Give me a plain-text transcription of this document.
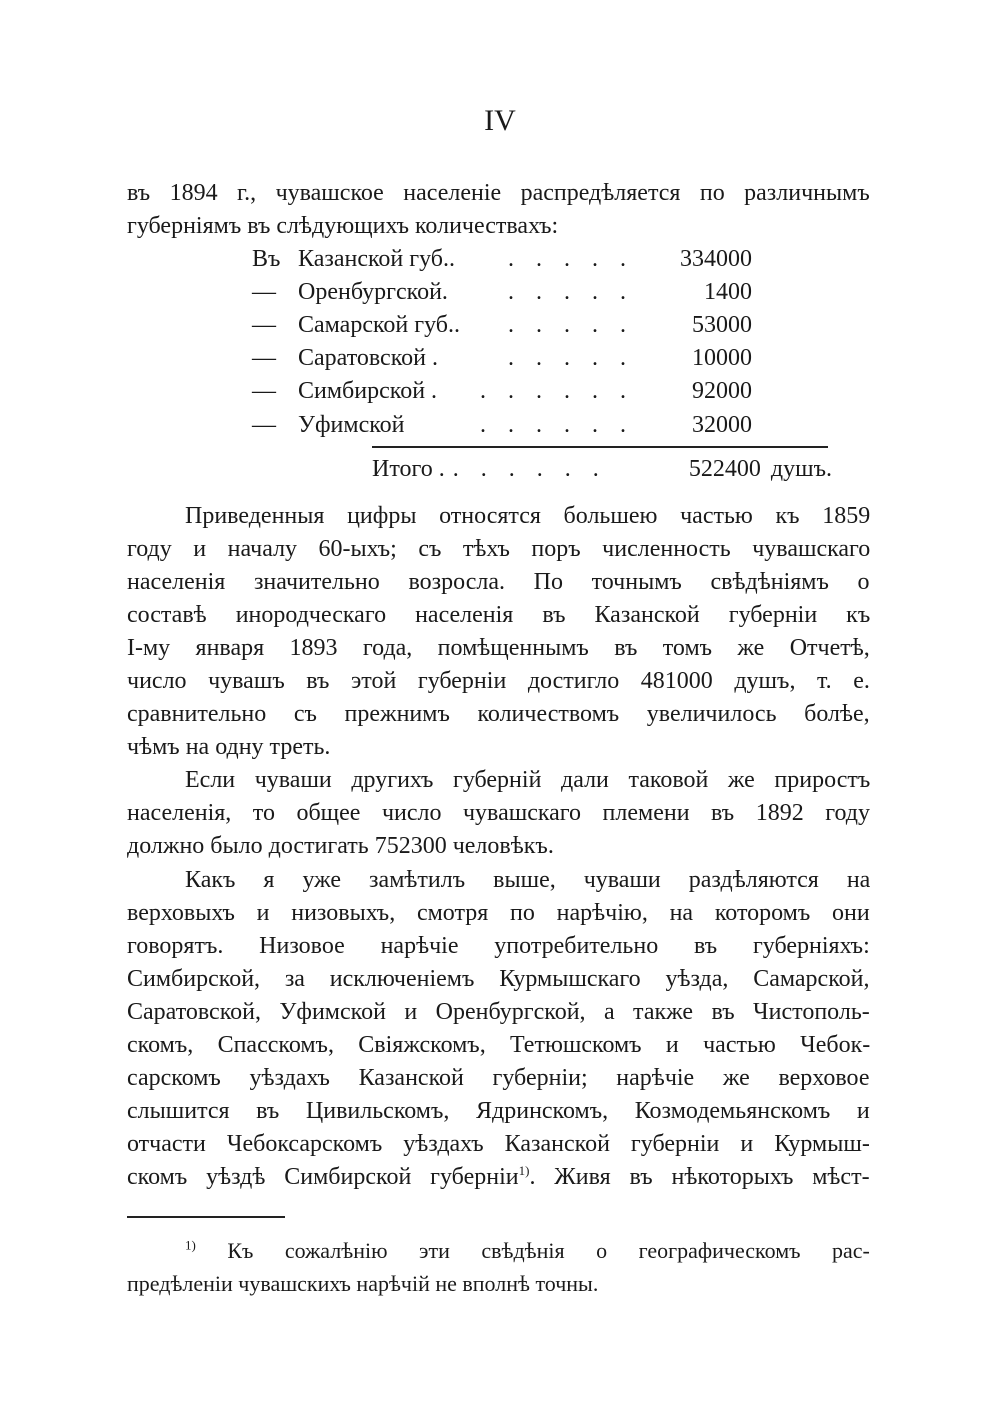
IV
въ 1894 г., чувашское населеніе распредѣляется по различнымъ
губерніямъ въ слѣдующихъ количествахъ:
Въ Казанской губ..	. . . . .	334000
— Оренбургской.	. . . . .	1400
— Самарской губ..	. . . . .	53000
— Саратовской .	. . . . .	10000
— Симбирской .	. . . . . .	92000
— Уфимской	. . . . . .	32000
Итого . . . . . . .	522400 душъ.
Приведенныя цифры относятся большею частью къ 1859
году и началу 60-ыхъ; съ тѣхъ поръ численность чувашскаго
населенія значительно возросла. По точнымъ свѣдѣніямъ о
составѣ инородческаго населенія въ Казанской губерніи къ
І-му января 1893 года, помѣщеннымъ въ томъ же Отчетѣ,
число чувашъ въ этой губерніи достигло 481000 душъ, т. е.
сравнительно съ прежнимъ количествомъ увеличилось болѣе,
чѣмъ на одну треть.
Если чуваши другихъ губерній дали таковой же приростъ
населенія, то общее число чувашскаго племени въ 1892 году
должно было достигать 752300 человѣкъ.
Какъ я уже замѣтилъ выше, чуваши раздѣляются на
верховыхъ и низовыхъ, смотря по нарѣчію, на которомъ они
говорятъ. Низовое нарѣчіе употребительно въ губерніяхъ:
Симбирской, за исключеніемъ Курмышскаго уѣзда, Самарской,
Саратовской, Уфимской и Оренбургской, а также въ Чистополь-
скомъ, Спасскомъ, Свіяжскомъ, Тетюшскомъ и частью Чебок-
сарскомъ уѣздахъ Казанской губерніи; нарѣчіе же верховое
слышится въ Цивильскомъ, Ядринскомъ, Козмодемьянскомъ и
отчасти Чебоксарскомъ уѣздахъ Казанской губерніи и Курмыш-
скомъ уѣздѣ Симбирской губерніи$^{1)}$. Живя въ нѣкоторыхъ мѣст-
$^{1)}$ Къ сожалѣнію эти свѣдѣнія о географическомъ рас-
предѣленіи чувашскихъ нарѣчій не вполнѣ точны.
